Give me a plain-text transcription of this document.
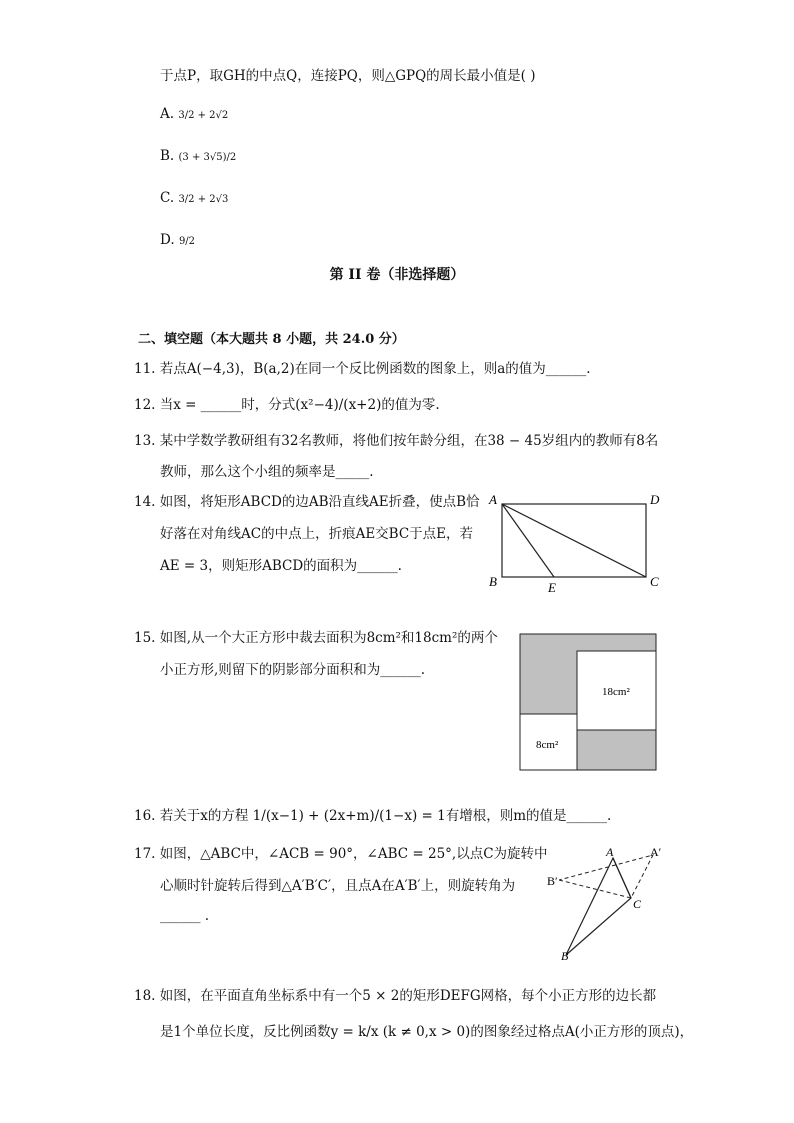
于点P，取GH的中点Q，连接PQ，则△GPQ的周长最小值是( )
A. 3/2 + 2√2
B. (3 + 3√5)/2
C. 3/2 + 2√3
D. 9/2
第 II 卷（非选择题）
二、填空题（本大题共 8 小题，共 24.0 分）
11. 若点A(−4,3)，B(a,2)在同一个反比例函数的图象上，则a的值为______.
12. 当x = ______时，分式(x²−4)/(x+2)的值为零.
13. 某中学数学教研组有32名教师，将他们按年龄分组，在38 − 45岁组内的教师有8名
教师，那么这个小组的频率是_____.
14. 如图，将矩形ABCD的边AB沿直线AE折叠，使点B恰
好落在对角线AC的中点上，折痕AE交BC于点E，若
AE = 3，则矩形ABCD的面积为______.
A	D
B	E	C
15. 如图,从一个大正方形中裁去面积为8cm²和18cm²的两个
小正方形,则留下的阴影部分面积和为______.
18cm²
8cm²
16. 若关于x的方程 1/(x−1) + (2x+m)/(1−x) = 1有增根，则m的值是______.
17. 如图，△ABC中，∠ACB = 90°，∠ABC = 25°,以点C为旋转中
心顺时针旋转后得到△A′B′C′，且点A在A′B′上，则旋转角为
______ .
A	A′
B′
C
B
18. 如图，在平面直角坐标系中有一个5 × 2的矩形DEFG网格，每个小正方形的边长都
是1个单位长度，反比例函数y = k/x (k ≠ 0,x > 0)的图象经过格点A(小正方形的顶点)，
